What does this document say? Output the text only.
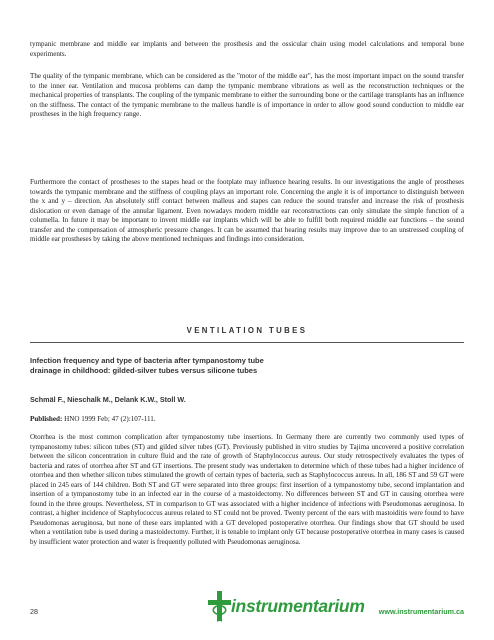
tympanic membrane and middle ear implants and between the prosthesis and the ossicular chain using model calculations and temporal bone experiments.

The quality of the tympanic membrane, which can be considered as the "motor of the middle ear", has the most important impact on the sound transfer to the inner ear. Ventilation and mucosa problems can damp the tympanic membrane vibrations as well as the reconstruction techniques or the mechanical properties of transplants. The coupling of the tympanic membrane to either the surrounding bone or the cartilage transplants has an influence on the stiffness. The contact of the tympanic membrane to the malleus handle is of importance in order to allow good sound conduction to middle ear prostheses in the high frequency range.

Furthermore the contact of prostheses to the stapes head or the footplate may influence hearing results. In our investigations the angle of prostheses towards the tympanic membrane and the stiffness of coupling plays an important role. Concerning the angle it is of importance to distinguish between the x and y – direction. An absolutely stiff contact between malleus and stapes can reduce the sound transfer and increase the risk of prosthesis dislocation or even damage of the annular ligament. Even nowadays modern middle ear reconstructions can only simulate the simple function of a columella. In future it may be important to invent middle ear implants which will be able to fulfill both required middle ear functions – the sound transfer and the compensation of atmospheric pressure changes. It can be assumed that hearing results may improve due to an unstressed coupling of middle ear prostheses by taking the above mentioned techniques and findings into consideration.

VENTILATION TUBES
Infection frequency and type of bacteria after tympanostomy tube drainage in childhood: gilded-silver tubes versus silicone tubes
Schmäl F., Nieschalk M., Delank K.W., Stoll W.
Published: HNO 1999 Feb; 47 (2):107-111.

Otorrhea is the most common complication after tympanostomy tube insertions. In Germany there are currently two commonly used types of tympanostomy tubes: silicon tubes (ST) and gilded silver tubes (GT). Previously published in vitro studies by Tajima uncovered a positive correlation between the silicon concentration in culture fluid and the rate of growth of Staphylococcus aureus. Our study retrospectively evaluates the types of bacteria and rates of otorrhea after ST and GT insertions. The present study was undertaken to determine which of these tubes had a higher incidence of otorrhea and then whether silicon tubes stimulated the growth of certain types of bacteria, such as Staphylococcus aureus. In all, 186 ST and 59 GT were placed in 245 ears of 144 children. Both ST and GT were separated into three groups: first insertion of a tympanostomy tube, second implantation and insertion of a tympanostomy tube in an infected ear in the course of a mastoidectomy. No differences between ST and GT in causing otorrhea were found in the three groups. Nevertheless, ST in comparison to GT was associated with a higher incidence of infections with Pseudomonas aeruginosa. In contrast, a higher incidence of Staphylococcus aureus related to ST could not be proved. Twenty percent of the ears with mastoiditis were found to have Pseudomonas aeruginosa, but none of these ears implanted with a GT developed postoperative otorrhea. Our findings show that GT should be used when a ventilation tube is used during a mastoidectomy. Further, it is tenable to implant only GT because postoperative otorrhea in many cases is caused by insufficient water protection and water is frequently polluted with Pseudomonas aeruginosa.

28	instrumentarium www.instrumentarium.ca
